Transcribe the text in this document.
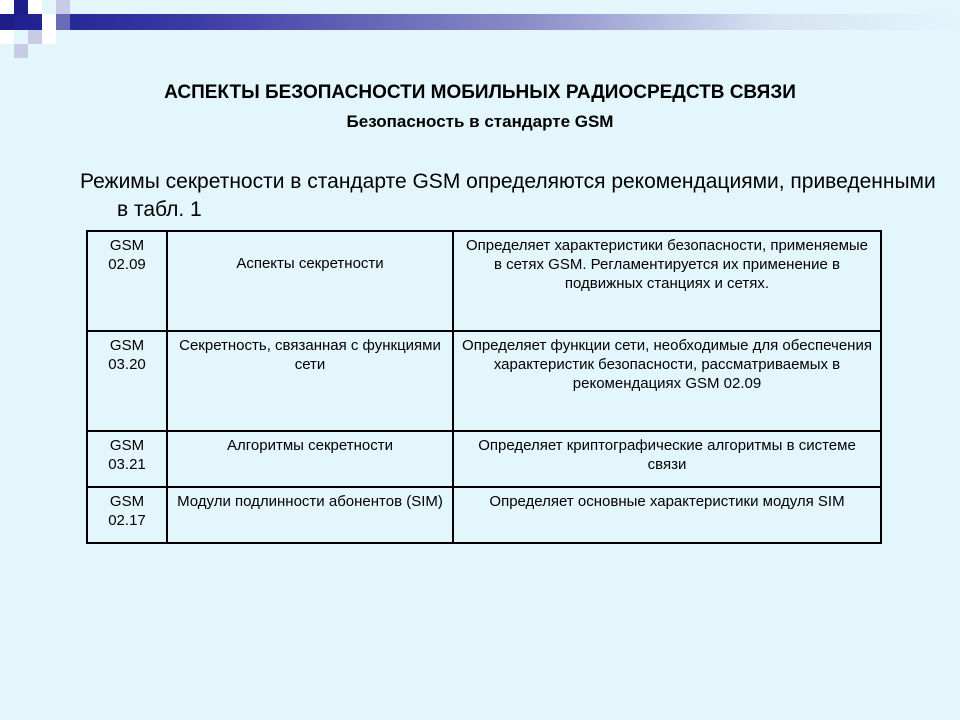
АСПЕКТЫ БЕЗОПАСНОСТИ МОБИЛЬНЫХ РАДИОСРЕДСТВ СВЯЗИ
Безопасность в стандарте GSM
Режимы секретности в стандарте GSM определяются рекомендациями, приведенными в табл. 1
GSM 02.09	Аспекты секретности	Определяет характеристики безопасности, применяемые в сетях GSM. Регламентируется их применение в подвижных станциях и сетях.
GSM 03.20	Секретность, связанная с функциями сети	Определяет функции сети, необходимые для обеспечения характеристик безопасности, рассматриваемых в рекомендациях GSM 02.09
GSM 03.21	Алгоритмы секретности	Определяет криптографические алгоритмы в системе связи
GSM 02.17	Модули подлинности абонентов (SIM)	Определяет основные характеристики модуля SIM
